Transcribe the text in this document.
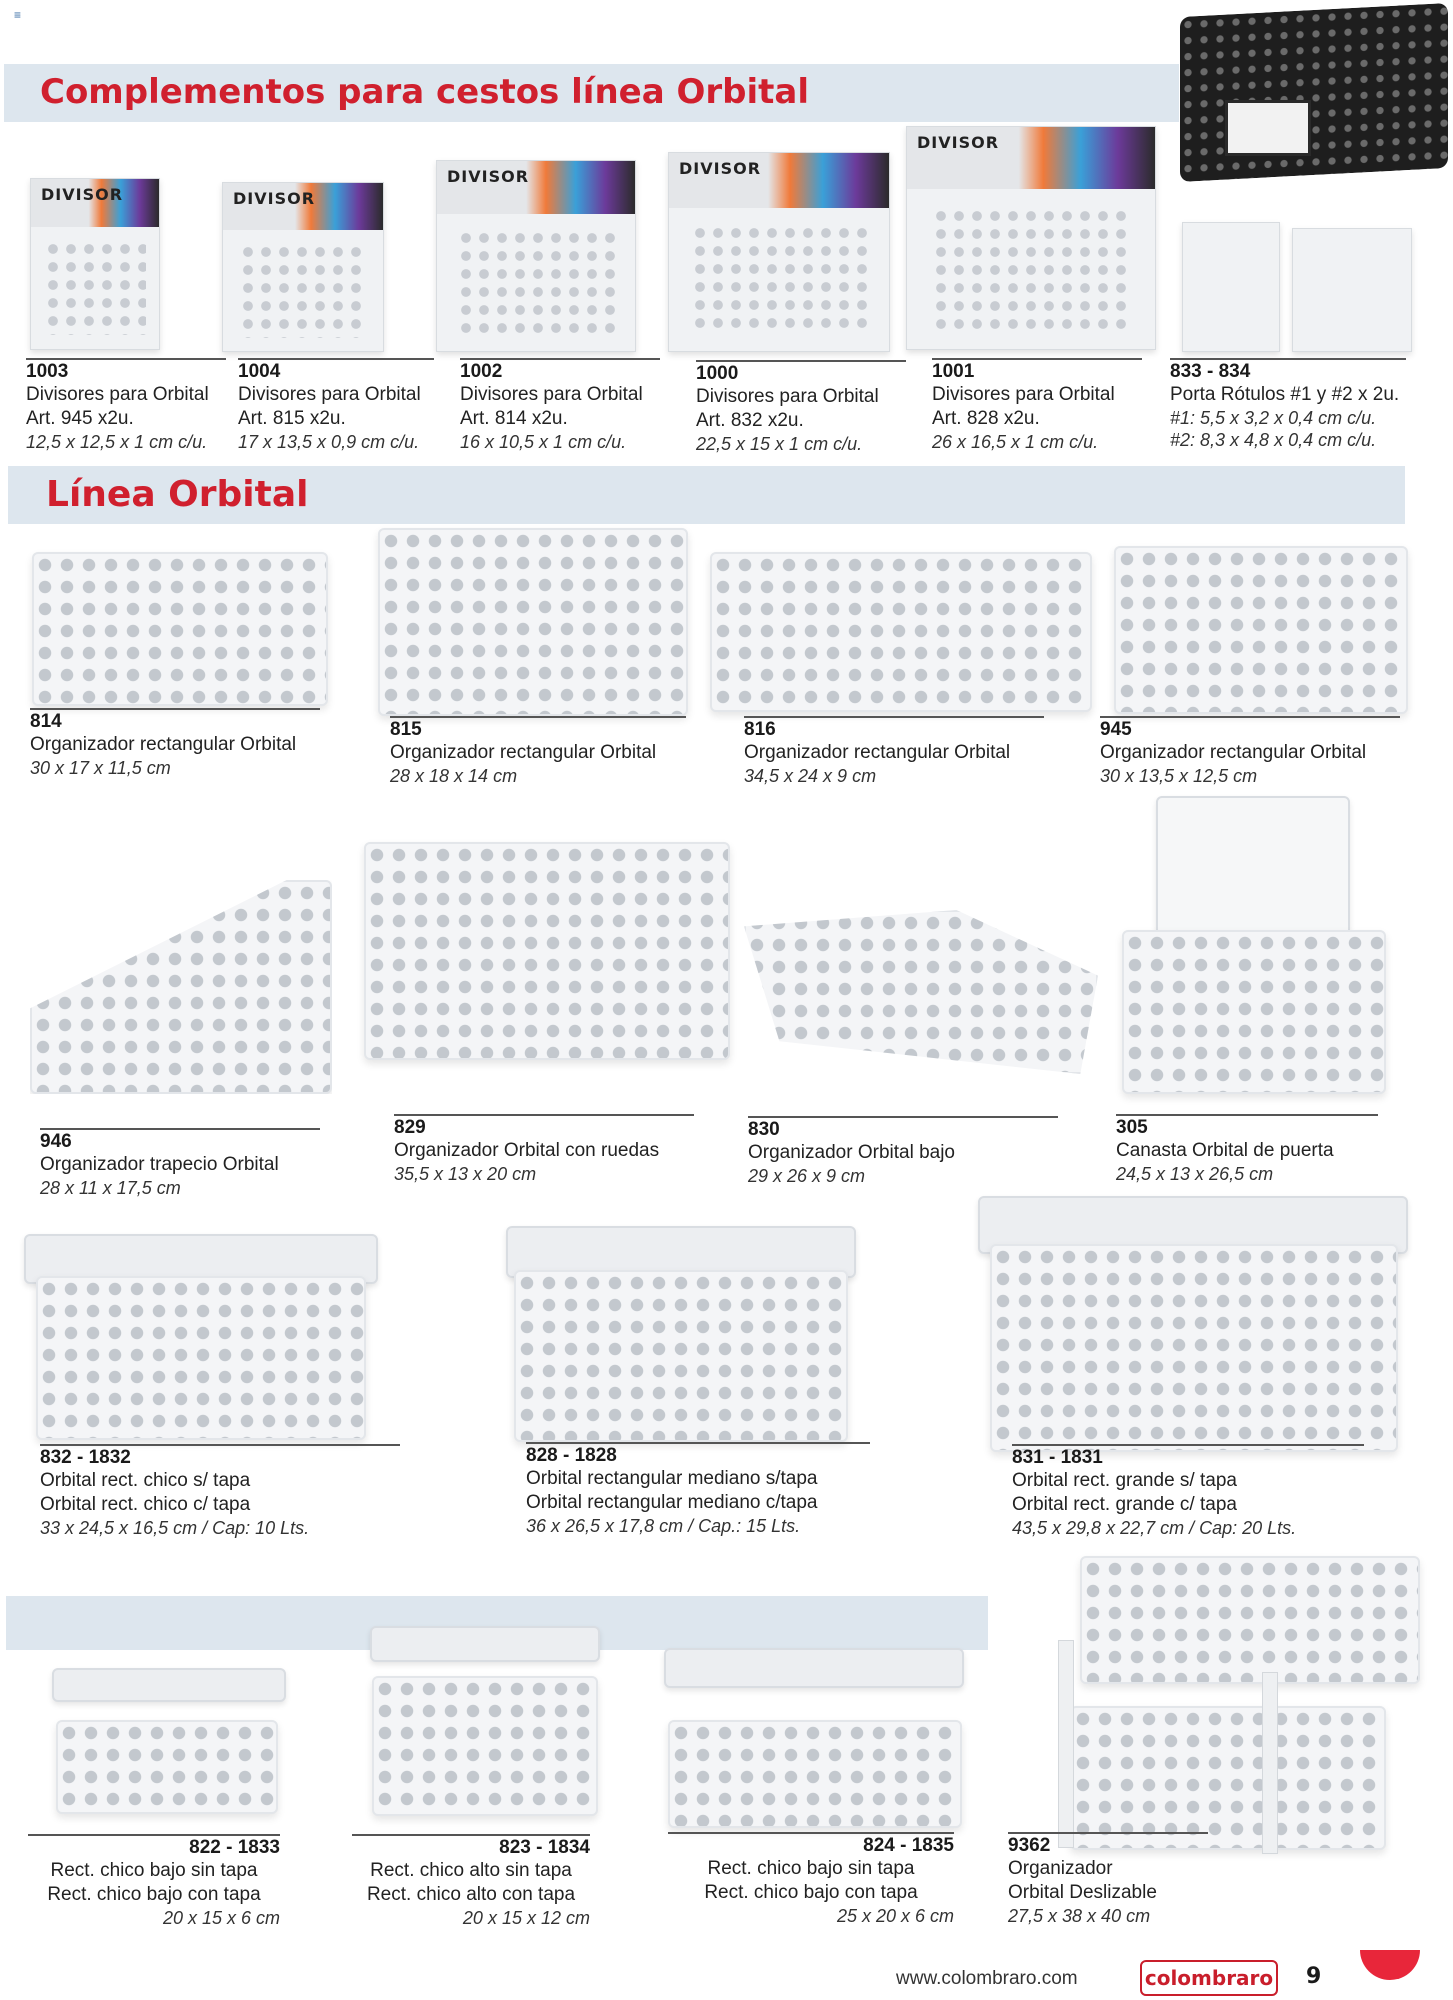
≡
Complementos para cestos línea Orbital
DIVISOR	DIVISOR
DIVISOR	DIVISOR
DIVISOR
1003
Divisores para Orbital
Art. 945 x2u.
12,5 x 12,5 x 1 cm c/u.
1004
Divisores para Orbital
Art. 815 x2u.
17 x 13,5 x 0,9 cm c/u.
1002
Divisores para Orbital
Art. 814 x2u.
16 x 10,5 x 1 cm c/u.
1000
Divisores para Orbital
Art. 832 x2u.
22,5 x 15 x 1 cm c/u.
1001
Divisores para Orbital
Art. 828 x2u.
26 x 16,5 x 1 cm c/u.
833 - 834
Porta Rótulos #1 y #2 x 2u.
#1: 5,5 x 3,2 x 0,4 cm c/u.
#2: 8,3 x 4,8 x 0,4 cm c/u.
Línea Orbital
814
Organizador rectangular Orbital
30 x 17 x 11,5 cm
815
Organizador rectangular Orbital
28 x 18 x 14 cm
816
Organizador rectangular Orbital
34,5 x 24 x 9 cm
945
Organizador rectangular Orbital
30 x 13,5 x 12,5 cm
946
Organizador trapecio Orbital
28 x 11 x 17,5 cm
829
Organizador Orbital con ruedas
35,5 x 13 x 20 cm
830
Organizador Orbital bajo
29 x 26 x 9 cm
305
Canasta Orbital de puerta
24,5 x 13 x 26,5 cm
832 - 1832
Orbital rect. chico s/ tapa
Orbital rect. chico c/ tapa
33 x 24,5 x 16,5 cm / Cap: 10 Lts.
828 - 1828
Orbital rectangular mediano s/tapa
Orbital rectangular mediano c/tapa
36 x 26,5 x 17,8 cm / Cap.: 15 Lts.
831 - 1831
Orbital rect. grande s/ tapa
Orbital rect. grande c/ tapa
43,5 x 29,8 x 22,7 cm / Cap: 20 Lts.
822 - 1833
Rect. chico bajo sin tapa
Rect. chico bajo con tapa
20 x 15 x 6 cm
823 - 1834
Rect. chico alto sin tapa
Rect. chico alto con tapa
20 x 15 x 12 cm
824 - 1835
Rect. chico bajo sin tapa
Rect. chico bajo con tapa
25 x 20 x 6 cm
9362
Organizador
Orbital Deslizable
27,5 x 38 x 40 cm
www.colombraro.com	colombraro 9
